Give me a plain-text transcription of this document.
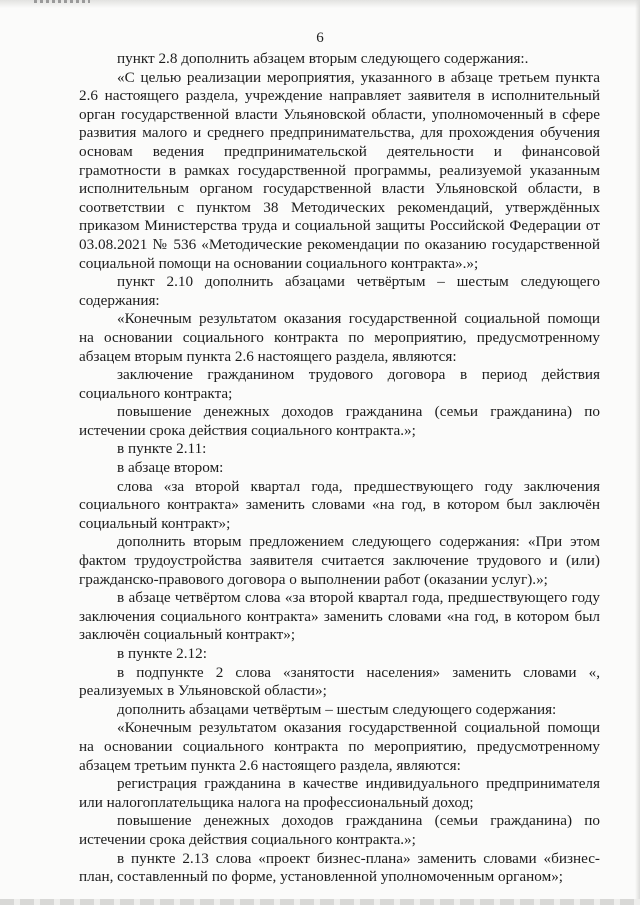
6

пункт 2.8 дополнить абзацем вторым следующего содержания:.

«С целью реализации мероприятия, указанного в абзаце третьем пункта 2.6 настоящего раздела, учреждение направляет заявителя в исполнительный орган государственной власти Ульяновской области, уполномоченный в сфере развития малого и среднего предпринимательства, для прохождения обучения основам ведения предпринимательской деятельности и финансовой грамотности в рамках государственной программы, реализуемой указанным исполнительным органом государственной власти Ульяновской области, в соответствии с пунктом 38 Методических рекомендаций, утверждённых приказом Министерства труда и социальной защиты Российской Федерации от 03.08.2021 № 536 «Методические рекомендации по оказанию государственной социальной помощи на основании социального контракта».»;

пункт 2.10 дополнить абзацами четвёртым – шестым следующего содержания:

«Конечным результатом оказания государственной социальной помощи на основании социального контракта по мероприятию, предусмотренному абзацем вторым пункта 2.6 настоящего раздела, являются:

заключение гражданином трудового договора в период действия социального контракта;

повышение денежных доходов гражданина (семьи гражданина) по истечении срока действия социального контракта.»;

в пункте 2.11:

в абзаце втором:

слова «за второй квартал года, предшествующего году заключения социального контракта» заменить словами «на год, в котором был заключён социальный контракт»;

дополнить вторым предложением следующего содержания: «При этом фактом трудоустройства заявителя считается заключение трудового и (или) гражданско-правового договора о выполнении работ (оказании услуг).»;

в абзаце четвёртом слова «за второй квартал года, предшествующего году заключения социального контракта» заменить словами «на год, в котором был заключён социальный контракт»;

в пункте 2.12:

в подпункте 2 слова «занятости населения» заменить словами «, реализуемых в Ульяновской области»;

дополнить абзацами четвёртым – шестым следующего содержания:

«Конечным результатом оказания государственной социальной помощи на основании социального контракта по мероприятию, предусмотренному абзацем третьим пункта 2.6 настоящего раздела, являются:

регистрация гражданина в качестве индивидуального предпринимателя или налогоплательщика налога на профессиональный доход;

повышение денежных доходов гражданина (семьи гражданина) по истечении срока действия социального контракта.»;

в пункте 2.13 слова «проект бизнес-плана» заменить словами «бизнес-план, составленный по форме, установленной уполномоченным органом»;
